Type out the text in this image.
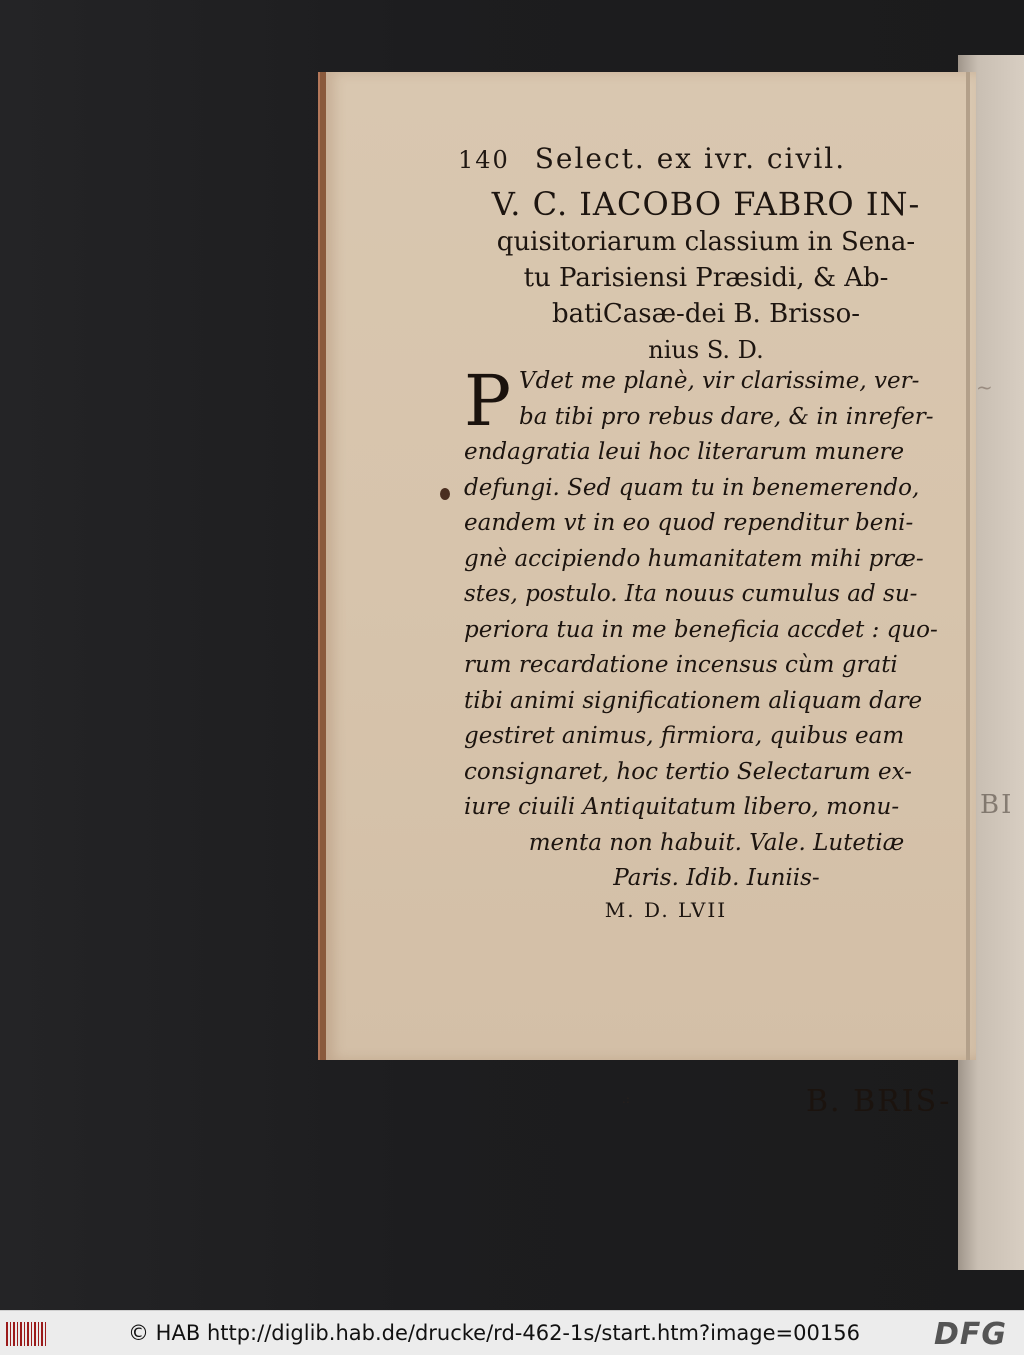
~
BI
140 Select. ex ivr. civil.
V. C. IACOBO FABRO IN-
quisitoriarum classium in Sena-
tu Parisiensi Præsidi, & Ab-
batiCasæ-dei B. Brisso-
nius S. D.
P Vdet me planè, vir clarissime, ver-
ba tibi pro rebus dare, & in inrefer-
endagratia leui hoc literarum munere
defungi. Sed quam tu in benemerendo,
eandem vt in eo quod rependitur beni-
gnè accipiendo humanitatem mihi præ-
stes, postulo. Ita nouus cumulus ad su-
periora tua in me beneficia accdet : quo-
rum recardatione incensus cùm grati
tibi animi significationem aliquam dare
gestiret animus, firmiora, quibus eam
consignaret, hoc tertio Selectarum ex-
iure ciuili Antiquitatum libero, monu-
menta non habuit. Vale. Lutetiæ
Paris. Idib. Iuniis-
M. D. LVII
.:	B. BRIS-
© HAB http://diglib.hab.de/drucke/rd-462-1s/start.htm?image=00156 DFG
